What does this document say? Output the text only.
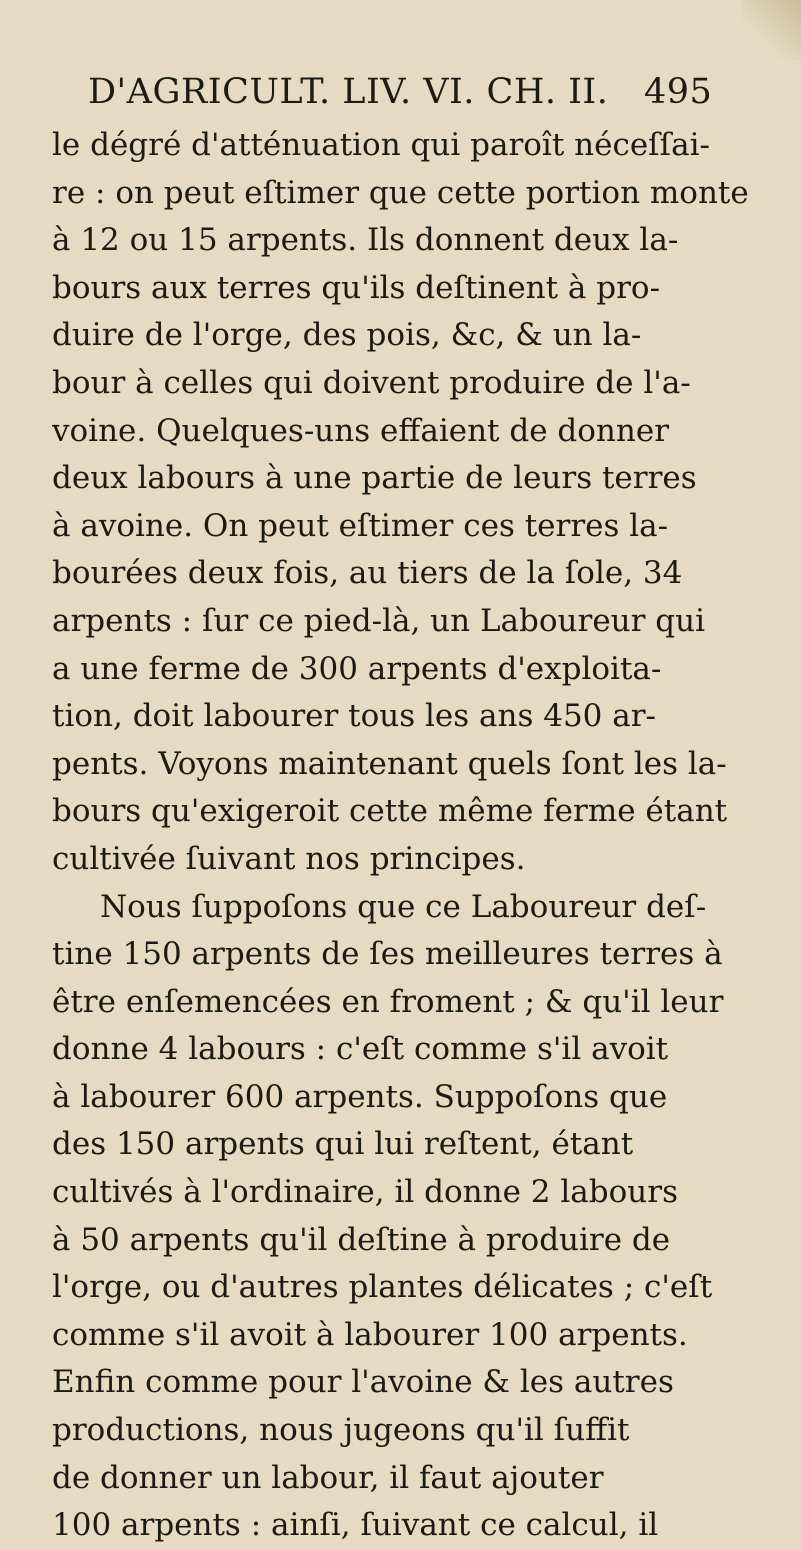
D'AGRICULT. LIV. VI. CH. II. 495
le dégré d'atténuation qui paroît néceſſai-
re : on peut eſtimer que cette portion monte
à 12 ou 15 arpents. Ils donnent deux la-
bours aux terres qu'ils deſtinent à pro-
duire de l'orge, des pois, &c, & un la-
bour à celles qui doivent produire de l'a-
voine. Quelques-uns effaient de donner
deux labours à une partie de leurs terres
à avoine. On peut eſtimer ces terres la-
bourées deux fois, au tiers de la ſole, 34
arpents : ſur ce pied-là, un Laboureur qui
a une ferme de 300 arpents d'exploita-
tion, doit labourer tous les ans 450 ar-
pents. Voyons maintenant quels ſont les la-
bours qu'exigeroit cette même ferme étant
cultivée ſuivant nos principes.
Nous ſuppoſons que ce Laboureur deſ-
tine 150 arpents de ſes meilleures terres à
être enſemencées en froment ; & qu'il leur
donne 4 labours : c'eſt comme s'il avoit
à labourer 600 arpents. Suppoſons que
des 150 arpents qui lui reſtent, étant
cultivés à l'ordinaire, il donne 2 labours
à 50 arpents qu'il deſtine à produire de
l'orge, ou d'autres plantes délicates ; c'eſt
comme s'il avoit à labourer 100 arpents.
Enfin comme pour l'avoine & les autres
productions, nous jugeons qu'il ſuffit
de donner un labour, il faut ajouter
100 arpents : ainſi, ſuivant ce calcul, il
